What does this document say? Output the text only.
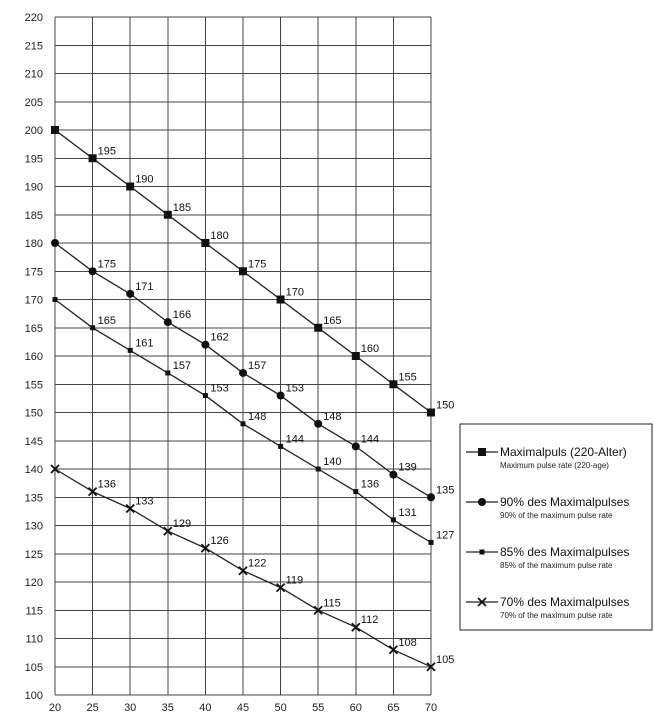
100
105
110
115
120
125
130
135
140
145
150
155
160
165
170
175
180
185
190
195
200
205
210
215
220
20 25 30 35 40 45 50 55 60 65 70
195
190
185
180
175
170
165
160
155
150
175
171
166
162
157
153
148
144
139
135
165
161
157
153
148
144
140
136
131
127
136
133
129
126
122
119
115
112
108
105
Maximalpuls (220-Alter)
Maximum pulse rate (220-age)
90% des Maximalpulses
90% of the maximum pulse rate
85% des Maximalpulses
85% of the maximum pulse rate
70% des Maximalpulses
70% of the maximum pulse rate
